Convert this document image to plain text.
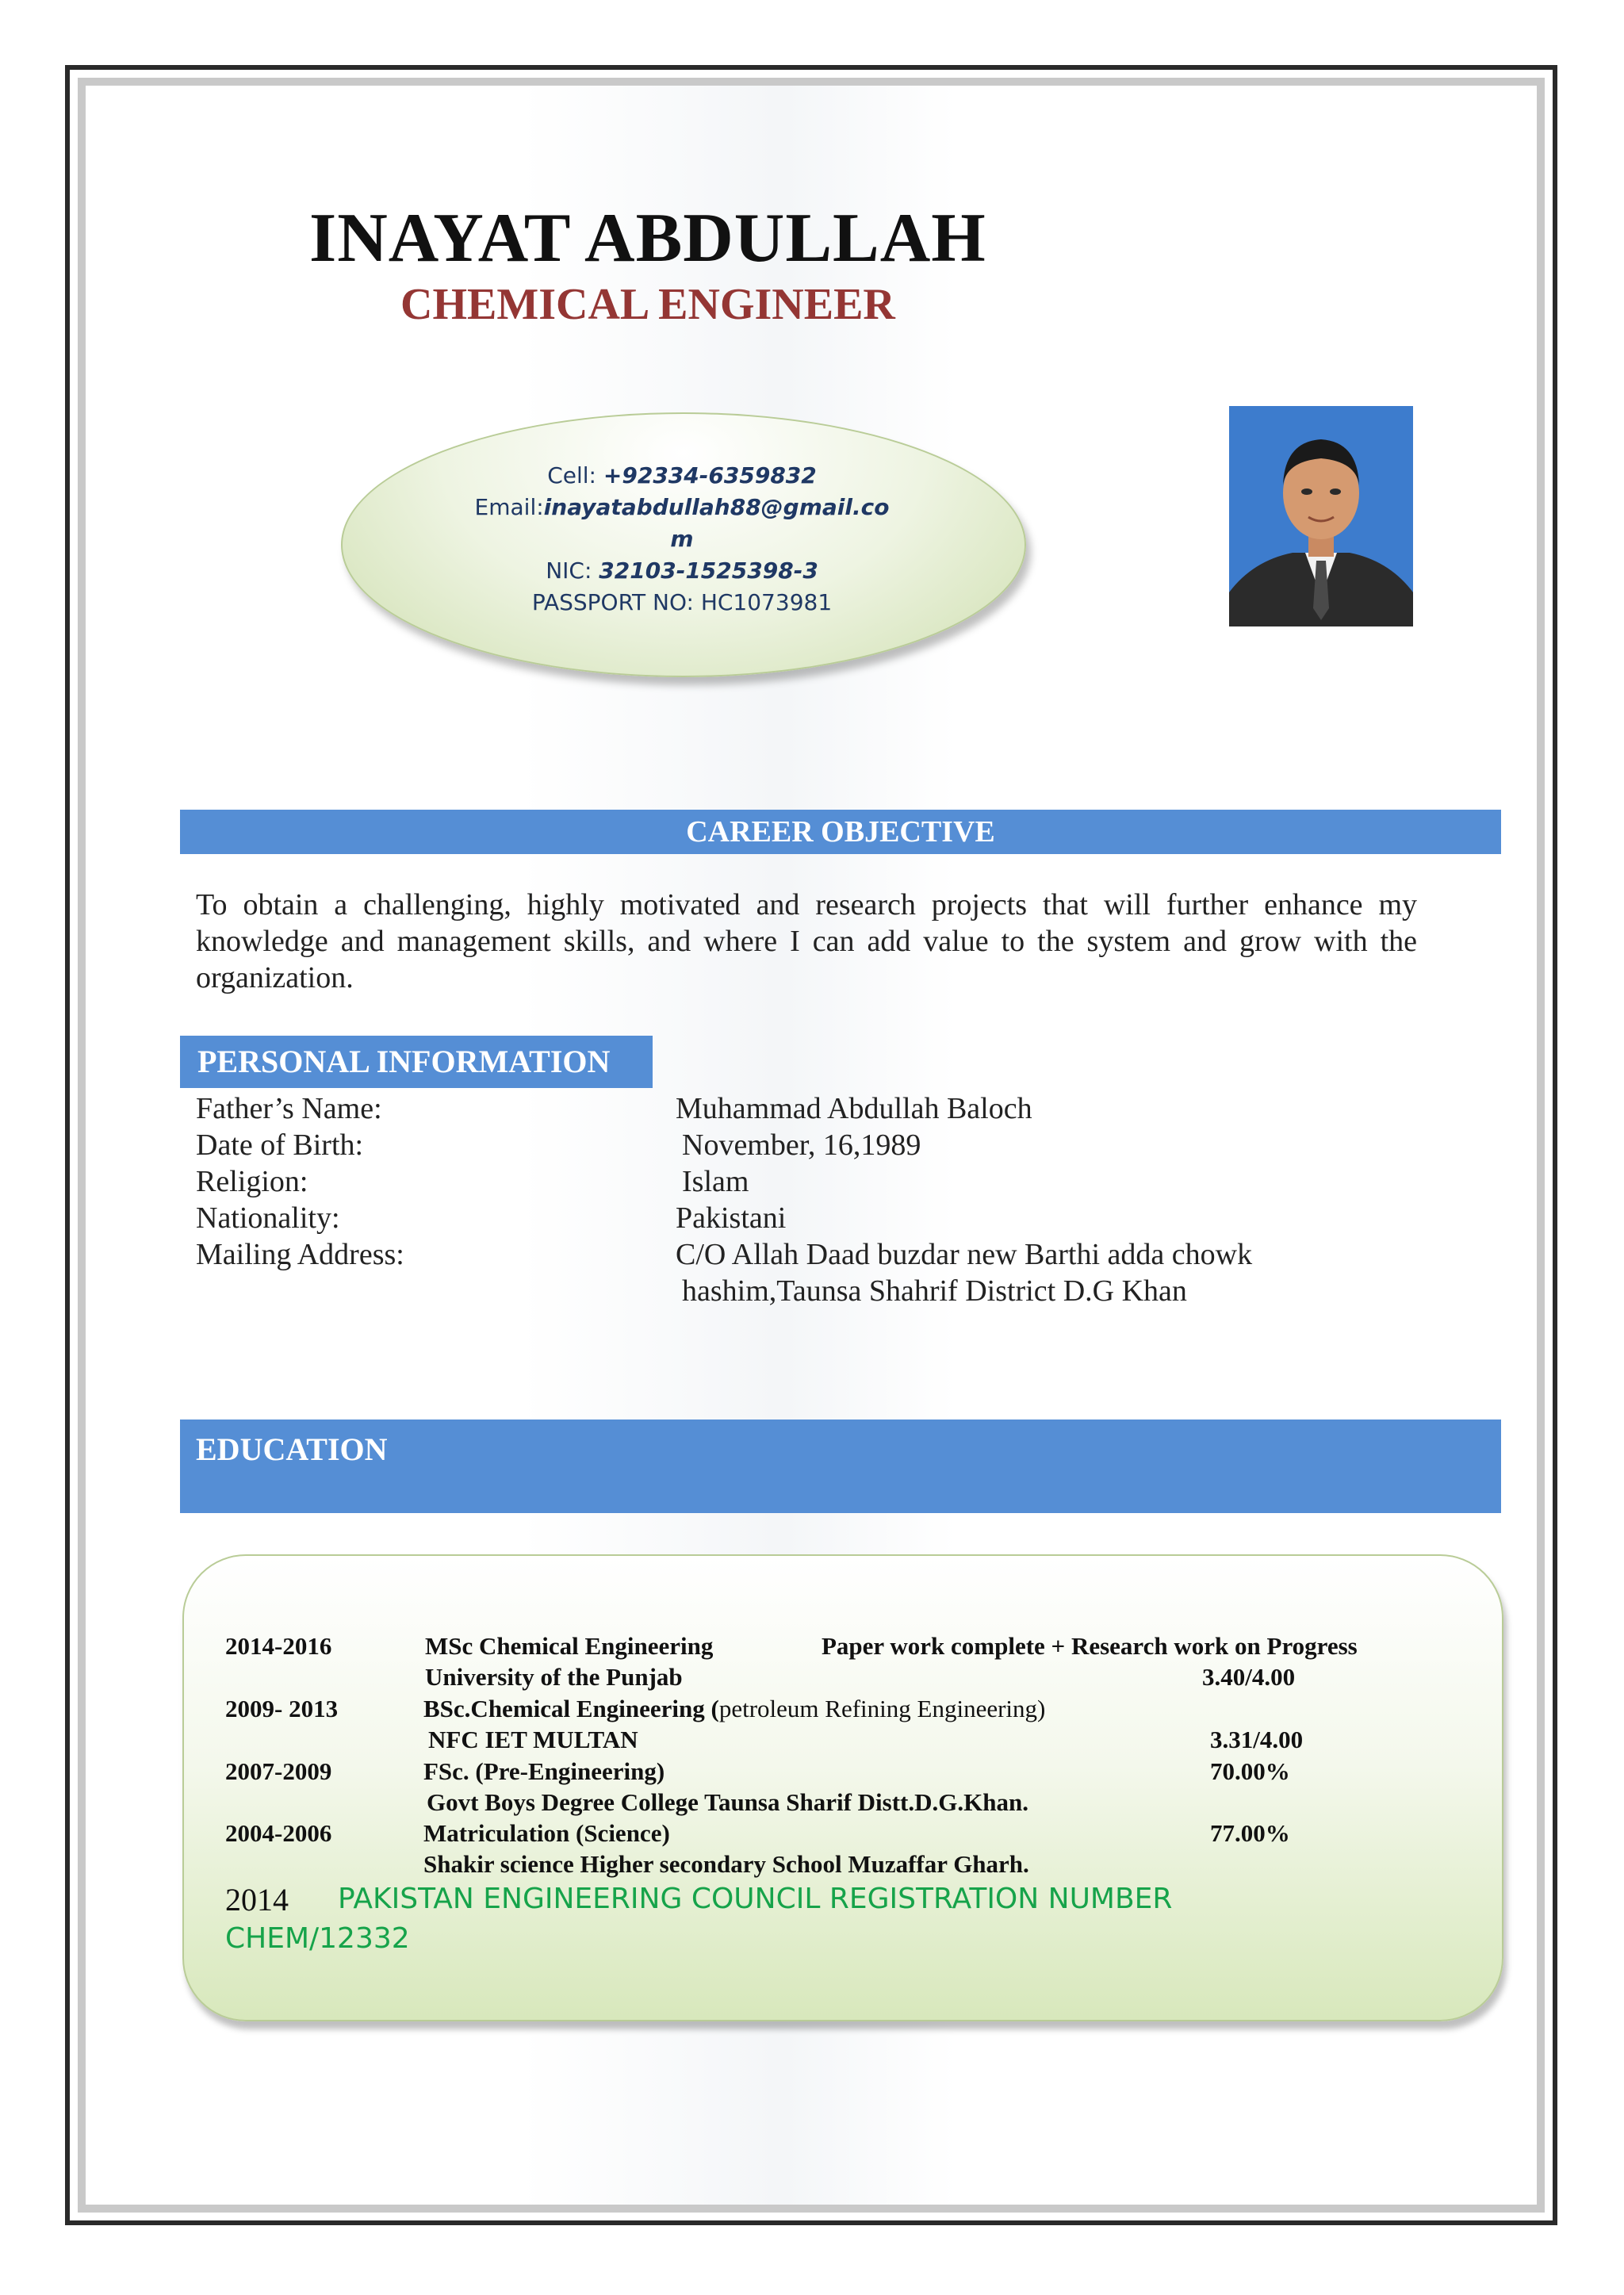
INAYAT ABDULLAH
CHEMICAL ENGINEER
Cell: +92334-6359832
Email:inayatabdullah88@gmail.co
m
NIC: 32103-1525398-3
PASSPORT NO: HC1073981
CAREER OBJECTIVE
To obtain a challenging, highly motivated and research projects that will further enhance my knowledge and management skills, and where I can add value to the system and grow with the organization.
PERSONAL INFORMATION
Father’s Name:	Muhammad Abdullah Baloch
Date of Birth:	November, 16,1989
Religion:	Islam
Nationality:	Pakistani
Mailing Address:	C/O Allah Daad buzdar new Barthi adda chowk
hashim,Taunsa Shahrif District D.G Khan
EDUCATION
2014-2016	MSc Chemical Engineering	Paper work complete + Research work on Progress
University of the Punjab	3.40/4.00
2009- 2013	BSc.Chemical Engineering (petroleum Refining Engineering)
NFC IET MULTAN	3.31/4.00
2007-2009	FSc. (Pre-Engineering)	70.00%
Govt Boys Degree College Taunsa Sharif Distt.D.G.Khan.
2004-2006	Matriculation (Science)	77.00%
Shakir science Higher secondary School Muzaffar Gharh.
2014 PAKISTAN ENGINEERING COUNCIL REGISTRATION NUMBER
CHEM/12332
